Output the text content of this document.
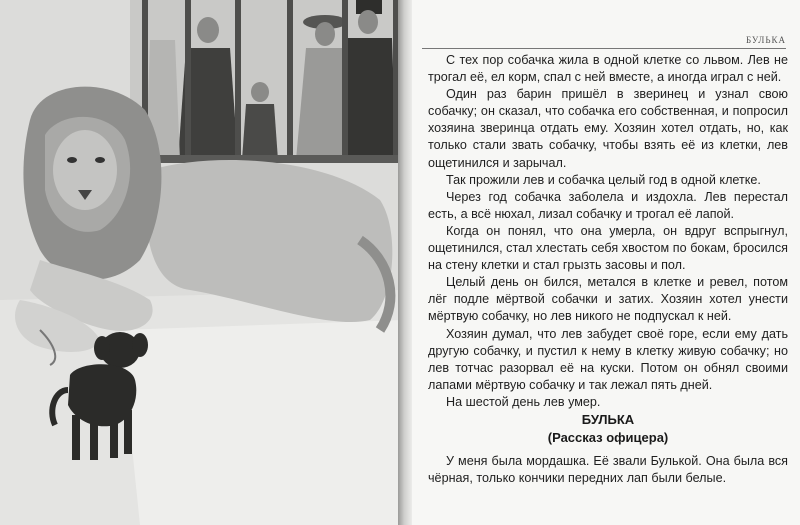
БУЛЬКА

С тех пор собачка жила в одной клетке со львом. Лев не трогал её, ел корм, спал с ней вместе, а иногда играл с ней.

Один раз барин пришёл в зверинец и узнал свою собачку; он сказал, что собачка его собственная, и попросил хозяина зверинца отдать ему. Хозяин хотел отдать, но, как только стали звать собачку, чтобы взять её из клетки, лев ощетинился и зарычал.

Так прожили лев и собачка целый год в одной клетке.

Через год собачка заболела и издохла. Лев перестал есть, а всё нюхал, лизал собачку и трогал её лапой.

Когда он понял, что она умерла, он вдруг вспрыгнул, ощетинился, стал хлестать себя хвостом по бокам, бросился на стену клетки и стал грызть засовы и пол.

Целый день он бился, метался в клетке и ревел, потом лёг подле мёртвой собачки и затих. Хозяин хотел унести мёртвую собачку, но лев никого не подпускал к ней.

Хозяин думал, что лев забудет своё горе, если ему дать другую собачку, и пустил к нему в клетку живую собачку; но лев тотчас разорвал её на куски. Потом он обнял своими лапами мёртвую собачку и так лежал пять дней.

На шестой день лев умер.

БУЛЬКА
(Рассказ офицера)

У меня была мордашка. Её звали Булькой. Она была вся чёрная, только кончики передних лап были белые.
